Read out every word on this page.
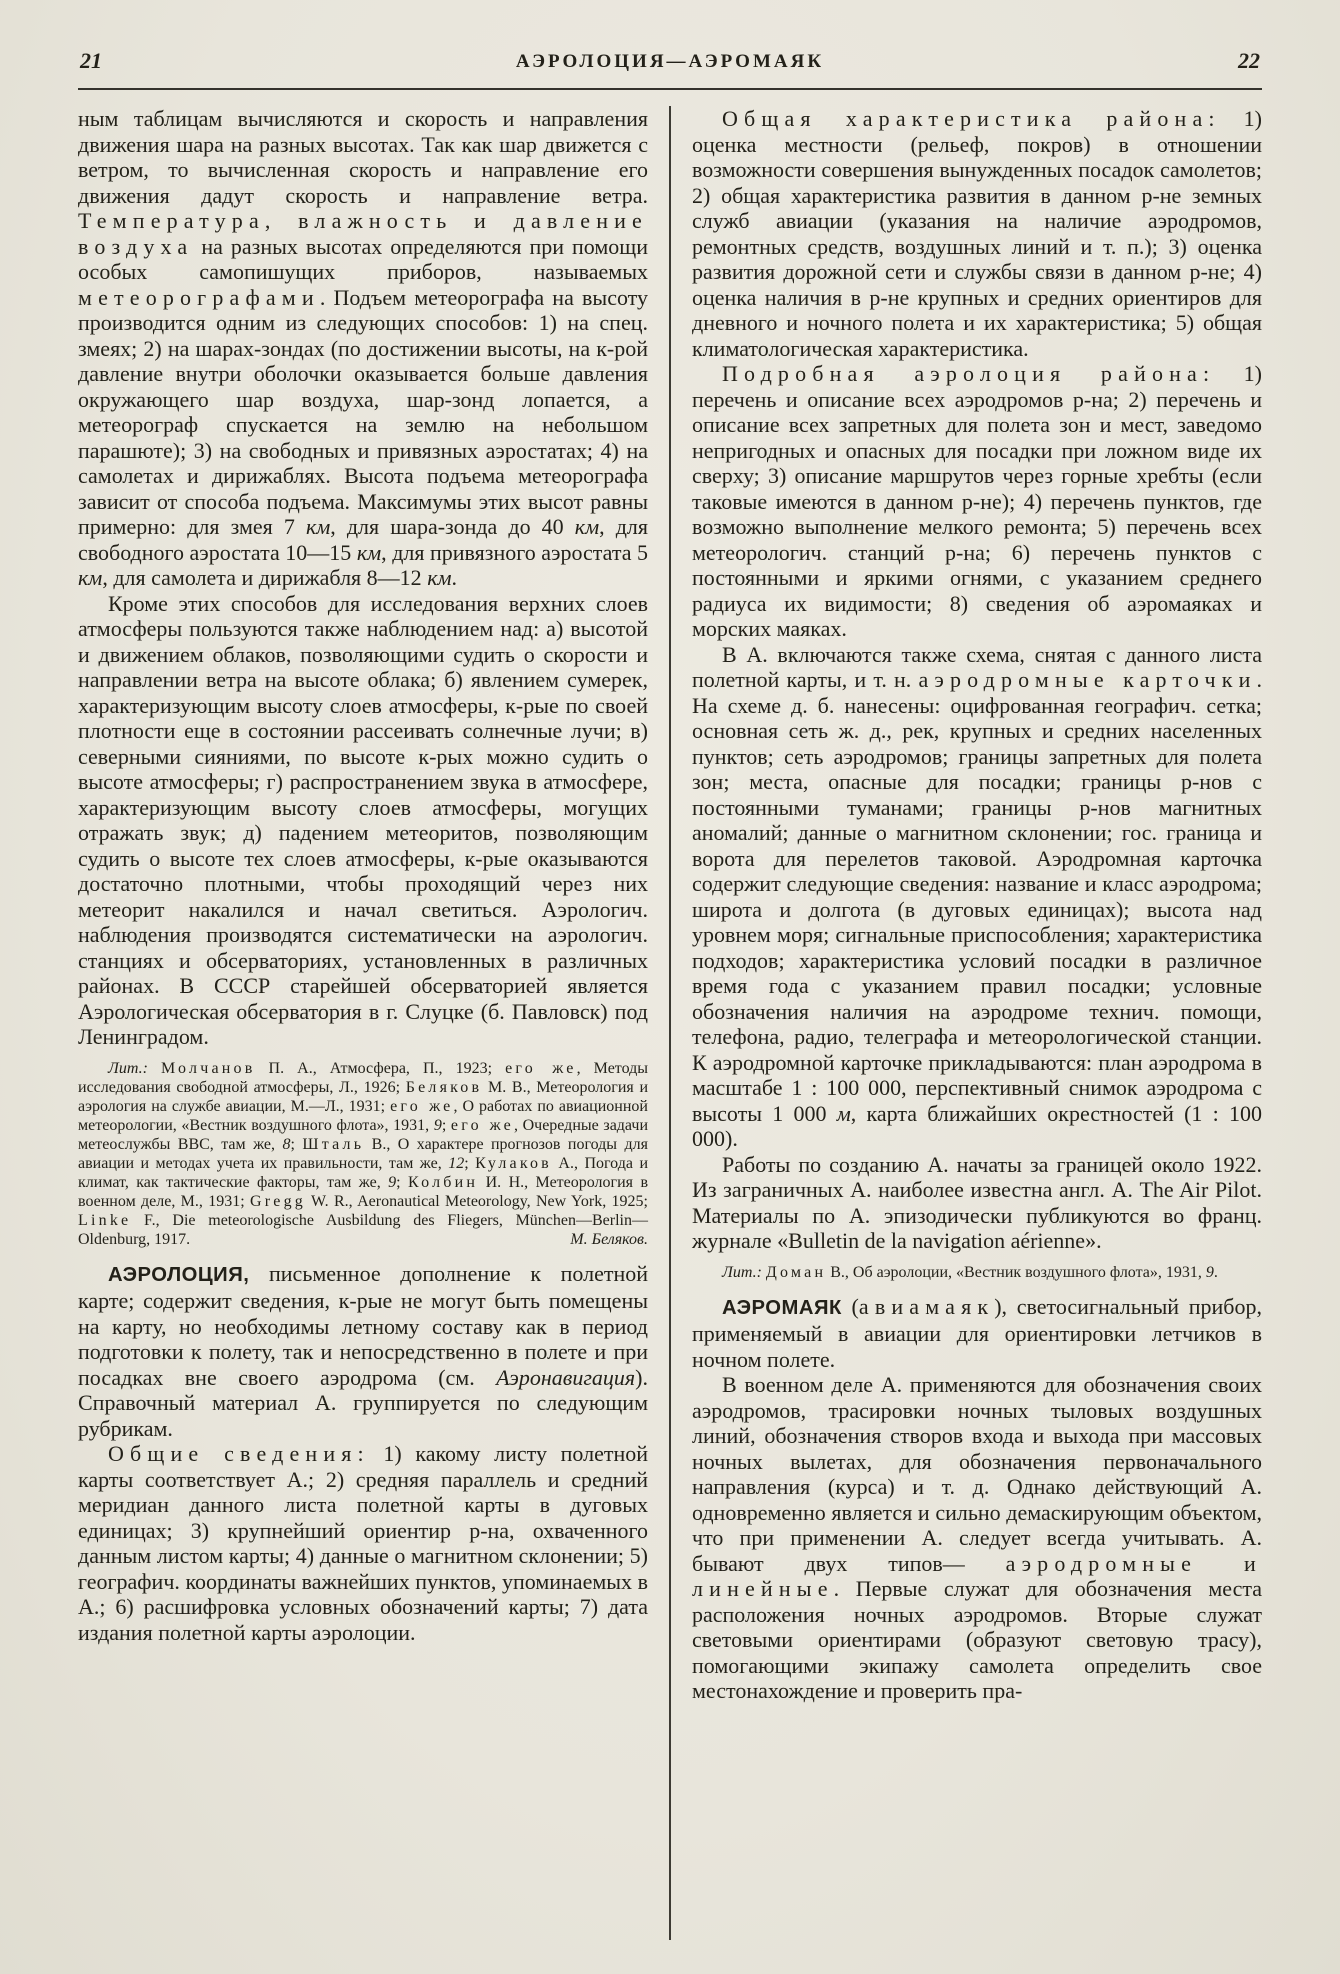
21	АЭРОЛОЦИЯ—АЭРОМАЯК	22

ным таблицам вычисляются и скорость и направления движения шара на разных высотах. Так как шар движется с ветром, то вычисленная скорость и направление его движения дадут скорость и направление ветра. Температура, влажность и давление воздуха на разных высотах определяются при помощи особых самопишущих приборов, называемых метеорографами. Подъем метеорографа на высоту производится одним из следующих способов: 1) на спец. змеях; 2) на шарах-зондах (по достижении высоты, на к-рой давление внутри оболочки оказывается больше давления окружающего шар воздуха, шар-зонд лопается, а метеорограф спускается на землю на небольшом парашюте); 3) на свободных и привязных аэростатах; 4) на самолетах и дирижаблях. Высота подъема метеорографа зависит от способа подъема. Максимумы этих высот равны примерно: для змея 7 км, для шара-зонда до 40 км, для свободного аэростата 10—15 км, для привязного аэростата 5 км, для самолета и дирижабля 8—12 км.

Кроме этих способов для исследования верхних слоев атмосферы пользуются также наблюдением над: а) высотой и движением облаков, позволяющими судить о скорости и направлении ветра на высоте облака; б) явлением сумерек, характеризующим высоту слоев атмосферы, к-рые по своей плотности еще в состоянии рассеивать солнечные лучи; в) северными сияниями, по высоте к-рых можно судить о высоте атмосферы; г) распространением звука в атмосфере, характеризующим высоту слоев атмосферы, могущих отражать звук; д) падением метеоритов, позволяющим судить о высоте тех слоев атмосферы, к-рые оказываются достаточно плотными, чтобы проходящий через них метеорит накалился и начал светиться. Аэрологич. наблюдения производятся систематически на аэрологич. станциях и обсерваториях, установленных в различных районах. В СССР старейшей обсерваторией является Аэрологическая обсерватория в г. Слуцке (б. Павловск) под Ленинградом.

Лит.: Молчанов П. А., Атмосфера, П., 1923; его же, Методы исследования свободной атмосферы, Л., 1926; Беляков М. В., Метеорология и аэрология на службе авиации, М.—Л., 1931; его же, О работах по авиационной метеорологии, «Вестник воздушного флота», 1931, 9; его же, Очередные задачи метеослужбы ВВС, там же, 8; Шталь В., О характере прогнозов погоды для авиации и методах учета их правильности, там же, 12; Кулаков А., Погода и климат, как тактические факторы, там же, 9; Колбин И. Н., Метеорология в военном деле, М., 1931; Gregg W. R., Aeronautical Meteorology, New York, 1925; Linke F., Die meteorologische Ausbildung des Fliegers, München—Berlin—Oldenburg, 1917.	М. Беляков.

АЭРОЛОЦИЯ, письменное дополнение к полетной карте; содержит сведения, к-рые не могут быть помещены на карту, но необходимы летному составу как в период подготовки к полету, так и непосредственно в полете и при посадках вне своего аэродрома (см. Аэронавигация). Справочный материал А. группируется по следующим рубрикам.

Общие сведения: 1) какому листу полетной карты соответствует А.; 2) средняя параллель и средний меридиан данного листа полетной карты в дуговых единицах; 3) крупнейший ориентир р-на, охваченного данным листом карты; 4) данные о магнитном склонении; 5) географич. координаты важнейших пунктов, упоминаемых в А.; 6) расшифровка условных обозначений карты; 7) дата издания полетной карты аэролоции.

Общая характеристика района: 1) оценка местности (рельеф, покров) в отношении возможности совершения вынужденных посадок самолетов; 2) общая характеристика развития в данном р-не земных служб авиации (указания на наличие аэродромов, ремонтных средств, воздушных линий и т. п.); 3) оценка развития дорожной сети и службы связи в данном р-не; 4) оценка наличия в р-не крупных и средних ориентиров для дневного и ночного полета и их характеристика; 5) общая климатологическая характеристика.

Подробная аэролоция района: 1) перечень и описание всех аэродромов р-на; 2) перечень и описание всех запретных для полета зон и мест, заведомо непригодных и опасных для посадки при ложном виде их сверху; 3) описание маршрутов через горные хребты (если таковые имеются в данном р-не); 4) перечень пунктов, где возможно выполнение мелкого ремонта; 5) перечень всех метеорологич. станций р-на; 6) перечень пунктов с постоянными и яркими огнями, с указанием среднего радиуса их видимости; 8) сведения об аэромаяках и морских маяках.

В А. включаются также схема, снятая с данного листа полетной карты, и т. н. аэродромные карточки. На схеме д. б. нанесены: оцифрованная географич. сетка; основная сеть ж. д., рек, крупных и средних населенных пунктов; сеть аэродромов; границы запретных для полета зон; места, опасные для посадки; границы р-нов с постоянными туманами; границы р-нов магнитных аномалий; данные о магнитном склонении; гос. граница и ворота для перелетов таковой. Аэродромная карточка содержит следующие сведения: название и класс аэродрома; широта и долгота (в дуговых единицах); высота над уровнем моря; сигнальные приспособления; характеристика подходов; характеристика условий посадки в различное время года с указанием правил посадки; условные обозначения наличия на аэродроме технич. помощи, телефона, радио, телеграфа и метеорологической станции. К аэродромной карточке прикладываются: план аэродрома в масштабе 1 : 100 000, перспективный снимок аэродрома с высоты 1 000 м, карта ближайших окрестностей (1 : 100 000).

Работы по созданию А. начаты за границей около 1922. Из заграничных А. наиболее известна англ. А. The Air Pilot. Материалы по А. эпизодически публикуются во франц. журнале «Bulletin de la navigation aérienne».

Лит.: Доман В., Об аэролоции, «Вестник воздушного флота», 1931, 9.

АЭРОМАЯК (авиамаяк), светосигнальный прибор, применяемый в авиации для ориентировки летчиков в ночном полете.

В военном деле А. применяются для обозначения своих аэродромов, трасировки ночных тыловых воздушных линий, обозначения створов входа и выхода при массовых ночных вылетах, для обозначения первоначального направления (курса) и т. д. Однако действующий А. одновременно является и сильно демаскирующим объектом, что при применении А. следует всегда учитывать. А. бывают двух типов— аэродромные и линейные. Первые служат для обозначения места расположения ночных аэродромов. Вторые служат световыми ориентирами (образуют световую трасу), помогающими экипажу самолета определить свое местонахождение и проверить пра-
